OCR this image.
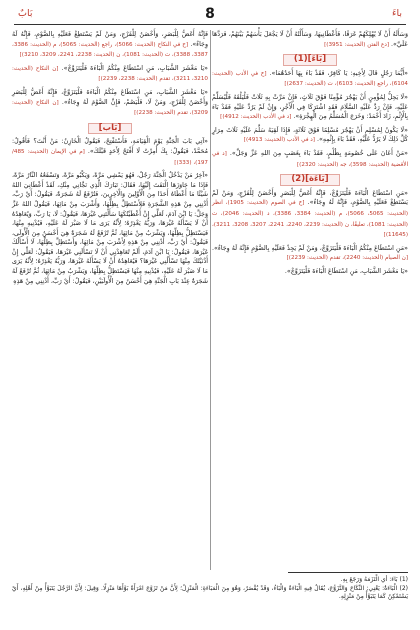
بَابٌ	8	باءَ

وَسَأَلَهُ أَنْ لَا يُهْلِكَهُمْ غَرَقًا، فَأَعْطَانِيهَا، وَسَأَلْتُهُ أَنْ لَا يَجْعَلَ بَأْسَهُمْ بَيْنَهُمْ، فَرَدَّهَا عَلَيَّ». [دع الفتن (الحديث: 3951)]

[بَاءَ](1)

«أَيُّمَا رَجُلٍ قَالَ لِأَخِيهِ: يَا كَافِرُ، فَقَدْ بَاءَ بِهَا أَحَدُهُمَا». [خ في الأدب (الحديث: 6104)، راجع (الحديث: 6103)، ت (الحديث: 2637)]

«لَا يَحِلُّ لِمُؤْمِنٍ أَنْ يَهْجُرَ مُؤْمِنًا فَوْقَ ثَلَاثٍ، فَإِنْ مَرَّتْ بِهِ ثَلَاثٌ فَلْيَلْقَهُ فَلْيُسَلِّمْ عَلَيْهِ، فَإِنْ رَدَّ عَلَيْهِ السَّلَامَ فَقَدِ اشْتَرَكَا فِي الْأَجْرِ، وَإِنْ لَمْ يَرُدَّ عَلَيْهِ فَقَدْ بَاءَ بِالْإِثْمِ، زَادَ أَحْمَدُ: وَخَرَجَ الْمُسَلِّمُ مِنَ الْهِجْرَةِ». [د في الأدب (الحديث: 4912)]

«لَا يَكُونُ لِمُسْلِمٍ أَنْ يَهْجُرَ مُسْلِمًا فَوْقَ ثَلَاثَةٍ، فَإِذَا لَقِيَهُ سَلَّمَ عَلَيْهِ ثَلَاثَ مِرَارٍ كُلَّ ذَلِكَ لَا يَرُدُّ عَلَيْهِ، فَقَدْ بَاءَ بِإِثْمِهِ». [د في الأدب (الحديث: 4913)]

«مَنْ أَعَانَ عَلَى خُصُومَةٍ بِظُلْمٍ، فَقَدْ بَاءَ بِغَضَبٍ مِنَ اللهِ عَزَّ وَجَلَّ». [د في الأقضية (الحديث: 3598)، جه (الحديث: 2320)]

[بَاءَة](2)

«مَنِ اسْتَطَاعَ الْبَاءَةَ فَلْيَتَزَوَّجْ، فَإِنَّهُ أَغَضُّ لِلْبَصَرِ وَأَحْصَنُ لِلْفَرْجِ، وَمَنْ لَمْ يَسْتَطِعْ فَعَلَيْهِ بِالصَّوْمِ، فَإِنَّهُ لَهُ وِجَاءٌ». [خ في الصوم (الحديث: 1905)، انظر (الحديث: 5065، 5066)، م (الحديث: 3384، 3386)، د (الحديث: 2046)، ت (الحديث: 1081)، تعليقًا، ن (الحديث: 2239، 2240، 2241، 3207، 3208، 3211)، (11645)]

«مَنِ اسْتَطَاعَ مِنْكُمُ الْبَاءَةَ فَلْيَتَزَوَّجْ، وَمَنْ لَمْ يَجِدْ فَعَلَيْهِ بِالصَّوْمِ فَإِنَّهُ لَهُ وِجَاءٌ». [ن الصيام (الحديث: 2240)، تقدم (الحديث: 2239)]

«يَا مَعْشَرَ الشَّبَابِ، مَنِ اسْتَطَاعَ الْبَاءَةَ فَلْيَتَزَوَّجْ».

فَإِنَّهُ أَغَضُّ لِلْبَصَرِ، وَأَحْصَنُ لِلْفَرْجِ، وَمَنْ لَمْ يَسْتَطِعْ فَعَلَيْهِ بِالصَّوْمِ، فَإِنَّهُ لَهُ وِجَاءٌ». [خ في النكاح (الحديث: 5066)، راجع (الحديث: 5065)، م (الحديث: 3386، 3387، 3388)، ت (الحديث: 1081)، ن (الحديث: 2238، 2241، 3209، 3210)]

«يَا مَعْشَرَ الشَّبَابِ، مَنِ اسْتَطَاعَ مِنْكُمُ الْبَاءَةَ فَلْيَتَزَوَّجْ». [ن النكاح (الحديث: 3210، 3211)، تقدم (الحديث: 2238، 2239)]

«يَا مَعْشَرَ الشَّبَابِ، مَنِ اسْتَطَاعَ مِنْكُمُ الْبَاءَةَ فَلْيَتَزَوَّجْ، فَإِنَّهُ أَغَضُّ لِلْبَصَرِ وَأَحْصَنُ لِلْفَرْجِ، وَمَنْ لَا، فَلْيَصُمْ، فَإِنَّ الصَّوْمَ لَهُ وِجَاءٌ». [ن النكاح (الحديث: 3209)، تقدم (الحديث: 2238)]

[بَاب]

«آتِي بَابَ الْجَنَّةِ يَوْمَ الْقِيَامَةِ، فَأَسْتَفْتِحُ، فَيَقُولُ الْخَازِنُ: مَنْ أَنْتَ؟ فَأَقُولُ: مُحَمَّدٌ، فَيَقُولُ: بِكَ أُمِرْتُ لَا أَفْتَحُ لِأَحَدٍ قَبْلَكَ». [م في الإيمان (الحديث: 485/ 197)، (333)]

«آخِرُ مَنْ يَدْخُلُ الْجَنَّةَ رَجُلٌ، فَهُوَ يَمْشِي مَرَّةً، وَيَكْبُو مَرَّةً، وَتَسْفَعُهُ النَّارُ مَرَّةً، فَإِذَا مَا جَاوَزَهَا الْتَفَتَ إِلَيْهَا، فَقَالَ: تَبَارَكَ الَّذِي نَجَّانِي مِنْكِ، لَقَدْ أَعْطَانِيَ اللهُ شَيْئًا مَا أَعْطَاهُ أَحَدًا مِنَ الْأَوَّلِينَ وَالْآخِرِينَ، فَتُرْفَعُ لَهُ شَجَرَةٌ، فَيَقُولُ: أَيْ رَبِّ، أَدْنِنِي مِنْ هَذِهِ الشَّجَرَةِ فَلِأَسْتَظِلَّ بِظِلِّهَا، وَأَشْرَبَ مِنْ مَائِهَا، فَيَقُولُ اللهُ عَزَّ وَجَلَّ: يَا ابْنَ آدَمَ، لَعَلِّي إِنْ أَعْطَيْتُكَهَا سَأَلْتَنِي غَيْرَهَا، فَيَقُولُ: لَا، يَا رَبِّ، وَيُعَاهِدُهُ أَنْ لَا يَسْأَلَهُ غَيْرَهَا، وَرَبُّهُ يَعْذِرُهُ؛ لِأَنَّهُ يَرَى مَا لَا صَبْرَ لَهُ عَلَيْهِ، فَيُدْنِيهِ مِنْهَا، فَيَسْتَظِلُّ بِظِلِّهَا، وَيَشْرَبُ مِنْ مَائِهَا، ثُمَّ تُرْفَعُ لَهُ شَجَرَةٌ هِيَ أَحْسَنُ مِنَ الْأُولَى، فَيَقُولُ: أَيْ رَبِّ، أَدْنِنِي مِنْ هَذِهِ لِأَشْرَبَ مِنْ مَائِهَا، وَأَسْتَظِلَّ بِظِلِّهَا، لَا أَسْأَلُكَ غَيْرَهَا، فَيَقُولُ: يَا ابْنَ آدَمَ، أَلَمْ تُعَاهِدْنِي أَنْ لَا تَسْأَلَنِي غَيْرَهَا، فَيَقُولُ: لَعَلِّي إِنْ أَدْنَيْتُكَ مِنْهَا تَسْأَلُنِي غَيْرَهَا؟ فَيُعَاهِدُهُ أَنْ لَا يَسْأَلَهُ غَيْرَهَا، وَرَبُّهُ يَعْذِرُهُ؛ لِأَنَّهُ يَرَى مَا لَا صَبْرَ لَهُ عَلَيْهِ، فَيُدْنِيهِ مِنْهَا فَيَسْتَظِلُّ بِظِلِّهَا، وَيَشْرَبُ مِنْ مَائِهَا، ثُمَّ تُرْفَعُ لَهُ شَجَرَةٌ عِنْدَ بَابِ الْجَنَّةِ هِيَ أَحْسَنُ مِنَ الْأُولَيَيْنِ، فَيَقُولُ: أَيْ رَبِّ، أَدْنِنِي مِنْ هَذِهِ

(1) بَاءَ: أي الْتَزَمَهُ وَرَجَعَ بِهِ.
(2) الْبَاءَةُ: يَعْنِي: النِّكَاحَ وَالتَّزَوُّجَ، يُقَالُ فِيهِ الْبَاءَةُ وَالْبَاءُ، وَقَدْ يُقْصَرُ، وَهُوَ مِنَ الْمَبَاءَةِ: الْمَنْزِلُ؛ لِأَنَّ مَنْ تَزَوَّجَ امْرَأَةً بَوَّأَهَا مَنْزِلًا. وَقِيلَ: لِأَنَّ الرَّجُلَ يَتَبَوَّأُ مِنْ أَهْلِهِ، أَيْ يَسْتَمْكِنُ كَمَا يَتَبَوَّأُ مِنْ مَنْزِلِهِ.
